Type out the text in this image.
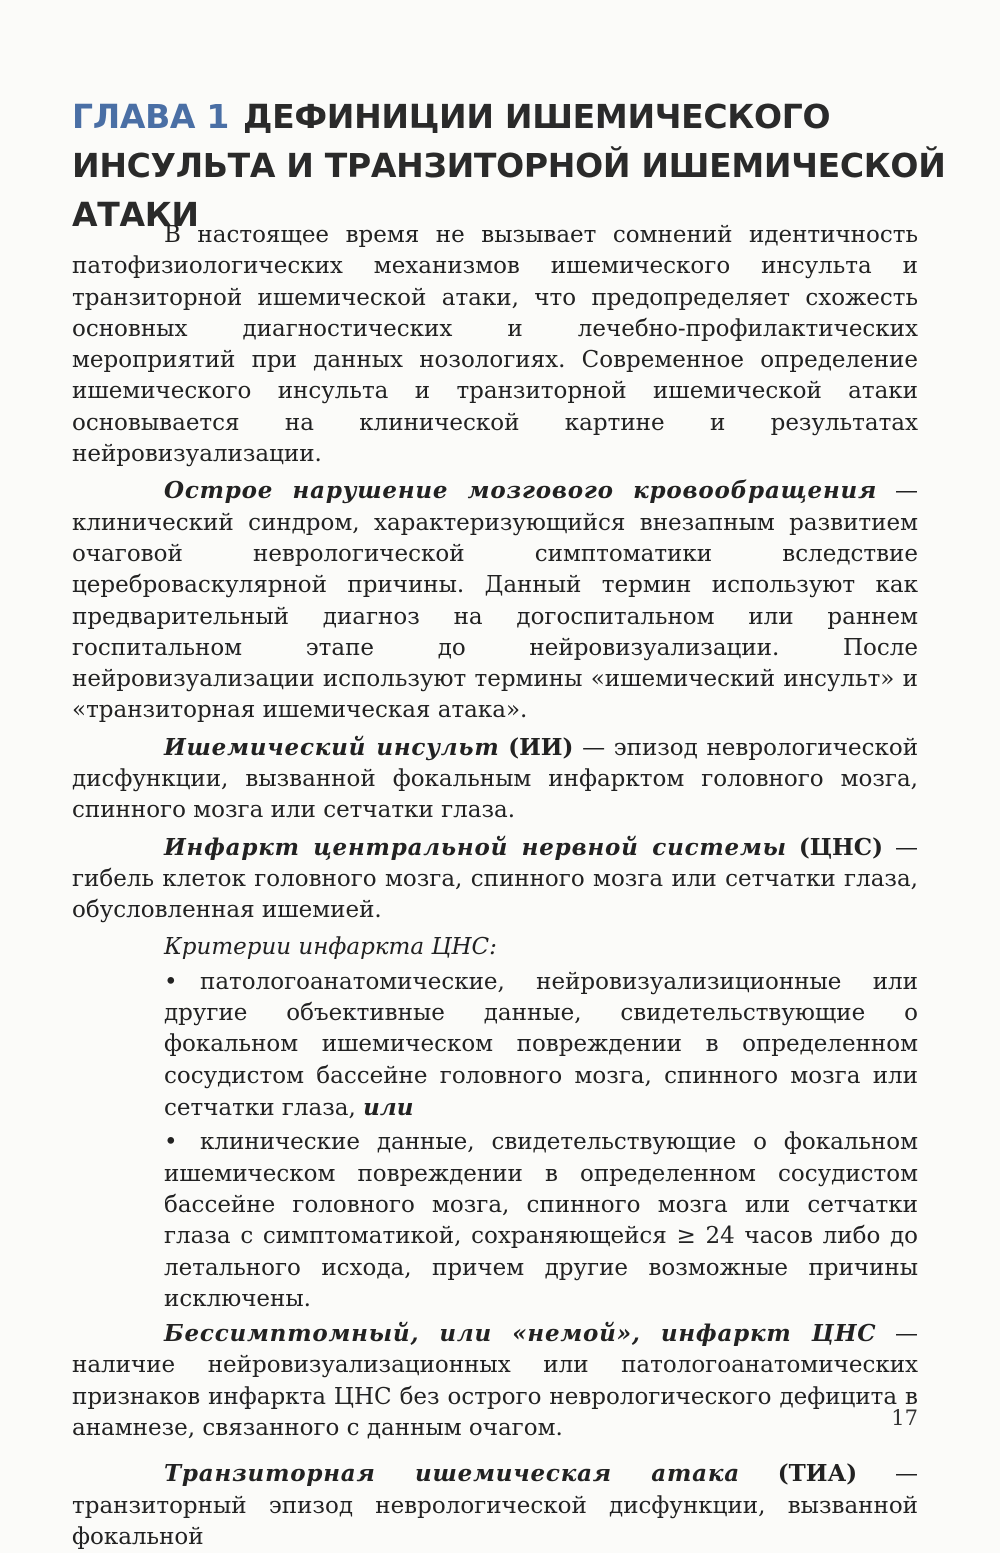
ГЛАВА 1 ДЕФИНИЦИИ ИШЕМИЧЕСКОГО ИНСУЛЬТА И ТРАНЗИТОРНОЙ ИШЕМИЧЕСКОЙ АТАКИ

В настоящее время не вызывает сомнений идентичность патофизиологических механизмов ишемического инсульта и транзиторной ишемической атаки, что предопределяет схожесть основных диагностических и лечебно-профилактических мероприятий при данных нозологиях. Современное определение ишемического инсульта и транзиторной ишемической атаки основывается на клинической картине и результатах нейровизуализации.

Острое нарушение мозгового кровообращения — клинический синдром, характеризующийся внезапным развитием очаговой неврологической симптоматики вследствие цереброваскулярной причины. Данный термин используют как предварительный диагноз на догоспитальном или раннем госпитальном этапе до нейровизуализации. После нейровизуализации используют термины «ишемический инсульт» и «транзиторная ишемическая атака».

Ишемический инсульт (ИИ) — эпизод неврологической дисфункции, вызванной фокальным инфарктом головного мозга, спинного мозга или сетчатки глаза.

Инфаркт центральной нервной системы (ЦНС) — гибель клеток головного мозга, спинного мозга или сетчатки глаза, обусловленная ишемией.

Критерии инфаркта ЦНС:
• патологоанатомические, нейровизуализиционные или другие объективные данные, свидетельствующие о фокальном ишемическом повреждении в определенном сосудистом бассейне головного мозга, спинного мозга или сетчатки глаза, или
• клинические данные, свидетельствующие о фокальном ишемическом повреждении в определенном сосудистом бассейне головного мозга, спинного мозга или сетчатки глаза с симптоматикой, сохраняющейся ≥ 24 часов либо до летального исхода, причем другие возможные причины исключены.

Бессимптомный, или «немой», инфаркт ЦНС — наличие нейровизуализационных или патологоанатомических признаков инфаркта ЦНС без острого неврологического дефицита в анамнезе, связанного с данным очагом.

Транзиторная ишемическая атака (ТИА) — транзиторный эпизод неврологической дисфункции, вызванной фокальной

17
